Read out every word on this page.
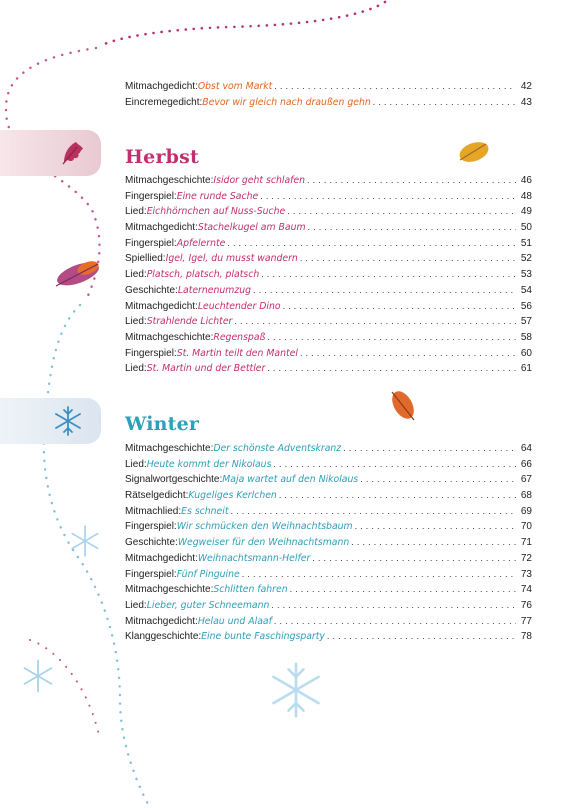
Herbst
Winter
Mitmachgedicht: Obst vom Markt . . .	42
Eincremegedicht: Bevor wir gleich nach draußen gehn . . .	43
Mitmachgeschichte: Isidor geht schlafen . . .	46
Fingerspiel: Eine runde Sache . . .	48
Lied: Eichhörnchen auf Nuss-Suche . . .	49
Mitmachgedicht: Stachelkugel am Baum . . .	50
Fingerspiel: Apfelernte . . .	51
Spiellied: Igel, Igel, du musst wandern . . .	52
Lied: Platsch, platsch, platsch . . .	53
Geschichte: Laternenumzug . . .	54
Mitmachgedicht: Leuchtender Dino . . .	56
Lied: Strahlende Lichter . . .	57
Mitmachgeschichte: Regenspaß . . .	58
Fingerspiel: St. Martin teilt den Mantel . . .	60
Lied: St. Martin und der Bettler . . .	61
Mitmachgeschichte: Der schönste Adventskranz . . .	64
Lied: Heute kommt der Nikolaus . . .	66
Signalwortgeschichte: Maja wartet auf den Nikolaus . . .	67
Rätselgedicht: Kugeliges Kerlchen . . .	68
Mitmachlied: Es schneit . . .	69
Fingerspiel: Wir schmücken den Weihnachtsbaum . . .	70
Geschichte: Wegweiser für den Weihnachtsmann . . .	71
Mitmachgedicht: Weihnachtsmann-Helfer . . .	72
Fingerspiel: Fünf Pinguine . . .	73
Mitmachgeschichte: Schlitten fahren . . .	74
Lied: Lieber, guter Schneemann . . .	76
Mitmachgedicht: Helau und Alaaf . . .	77
Klanggeschichte: Eine bunte Faschingsparty . . .	78
